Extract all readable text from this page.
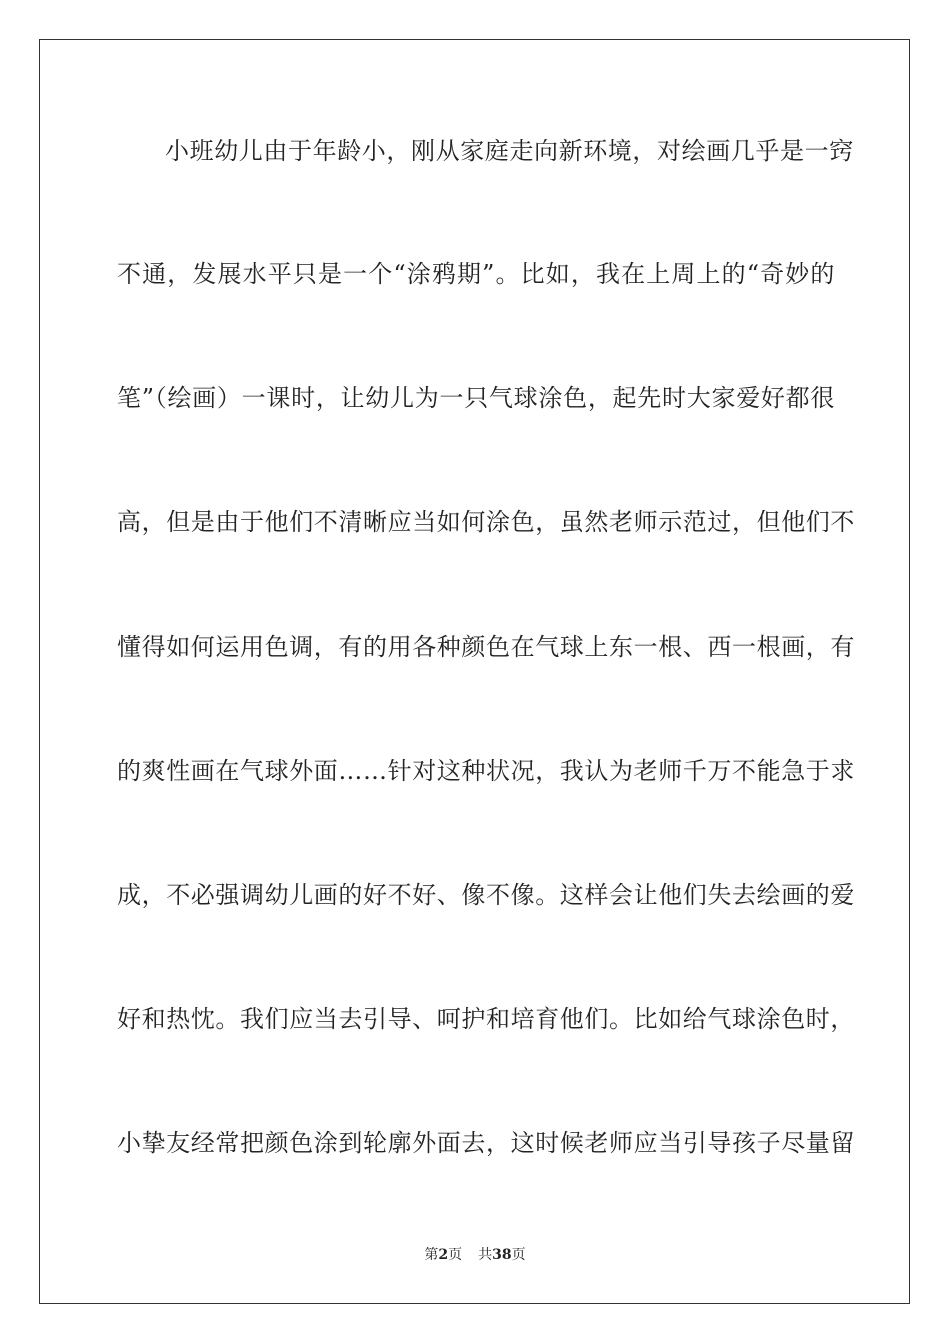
小班幼儿由于年龄小，刚从家庭走向新环境，对绘画几乎是一窍
不通，发展水平只是一个“涂鸦期”。比如，我在上周上的“奇妙的
笔”（绘画）一课时，让幼儿为一只气球涂色，起先时大家爱好都很
高，但是由于他们不清晰应当如何涂色，虽然老师示范过，但他们不
懂得如何运用色调，有的用各种颜色在气球上东一根、西一根画，有
的爽性画在气球外面……针对这种状况，我认为老师千万不能急于求
成，不必强调幼儿画的好不好、像不像。这样会让他们失去绘画的爱
好和热忱。我们应当去引导、呵护和培育他们。比如给气球涂色时，
小挚友经常把颜色涂到轮廓外面去，这时候老师应当引导孩子尽量留
第2页 共38页
